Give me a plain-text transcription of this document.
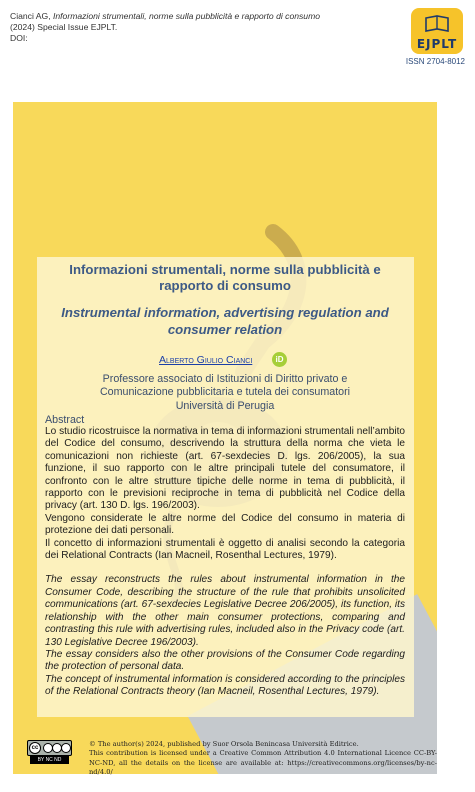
Cianci AG, Informazioni strumentali, norme sulla pubblicità e rapporto di consumo
(2024) Special Issue EJPLT.
DOI:	EJPLT
ISSN 2704-8012
Informazioni strumentali, norme sulla pubblicità e rapporto di consumo
Instrumental information, advertising regulation and consumer relation
Alberto Giulio Cianci	iD
Professore associato di Istituzioni di Diritto privato e
Comunicazione pubblicitaria e tutela dei consumatori
Università di Perugia
Abstract

Lo studio ricostruisce la normativa in tema di informazioni strumentali nell’ambito del Codice del consumo, descrivendo la struttura della norma che vieta le comunicazioni non richieste (art. 67-sexdecies D. lgs. 206/2005), la sua funzione, il suo rapporto con le altre principali tutele del consumatore, il confronto con le altre strutture tipiche delle norme in tema di pubblicità, il rapporto con le previsioni reciproche in tema di pubblicità nel Codice della privacy (art. 130 D. lgs. 196/2003).

Vengono considerate le altre norme del Codice del consumo in materia di protezione dei dati personali.

Il concetto di informazioni strumentali è oggetto di analisi secondo la categoria dei Relational Contracts (Ian Macneil, Rosenthal Lectures, 1979).

The essay reconstructs the rules about instrumental information in the Consumer Code, describing the structure of the rule that prohibits unsolicited communications (art. 67-sexdecies Legislative Decree 206/2005), its function, its relationship with the other main consumer protections, comparing and contrasting this rule with advertising rules, included also in the Privacy code (art. 130 Legislative Decree 196/2003).

The essay considers also the other provisions of the Consumer Code regarding the protection of personal data.

The concept of instrumental information is considered according to the principles of the Relational Contracts theory (Ian Macneil, Rosenthal Lectures, 1979).

cc
BY NC ND

© The author(s) 2024, published by Suor Orsola Benincasa Università Editrice.

This contribution is licensed under a Creative Common Attribution 4.0 International Licence CC-BY-NC-ND, all the details on the license are available at: https://creativecommons.org/licenses/by-nc-nd/4.0/
